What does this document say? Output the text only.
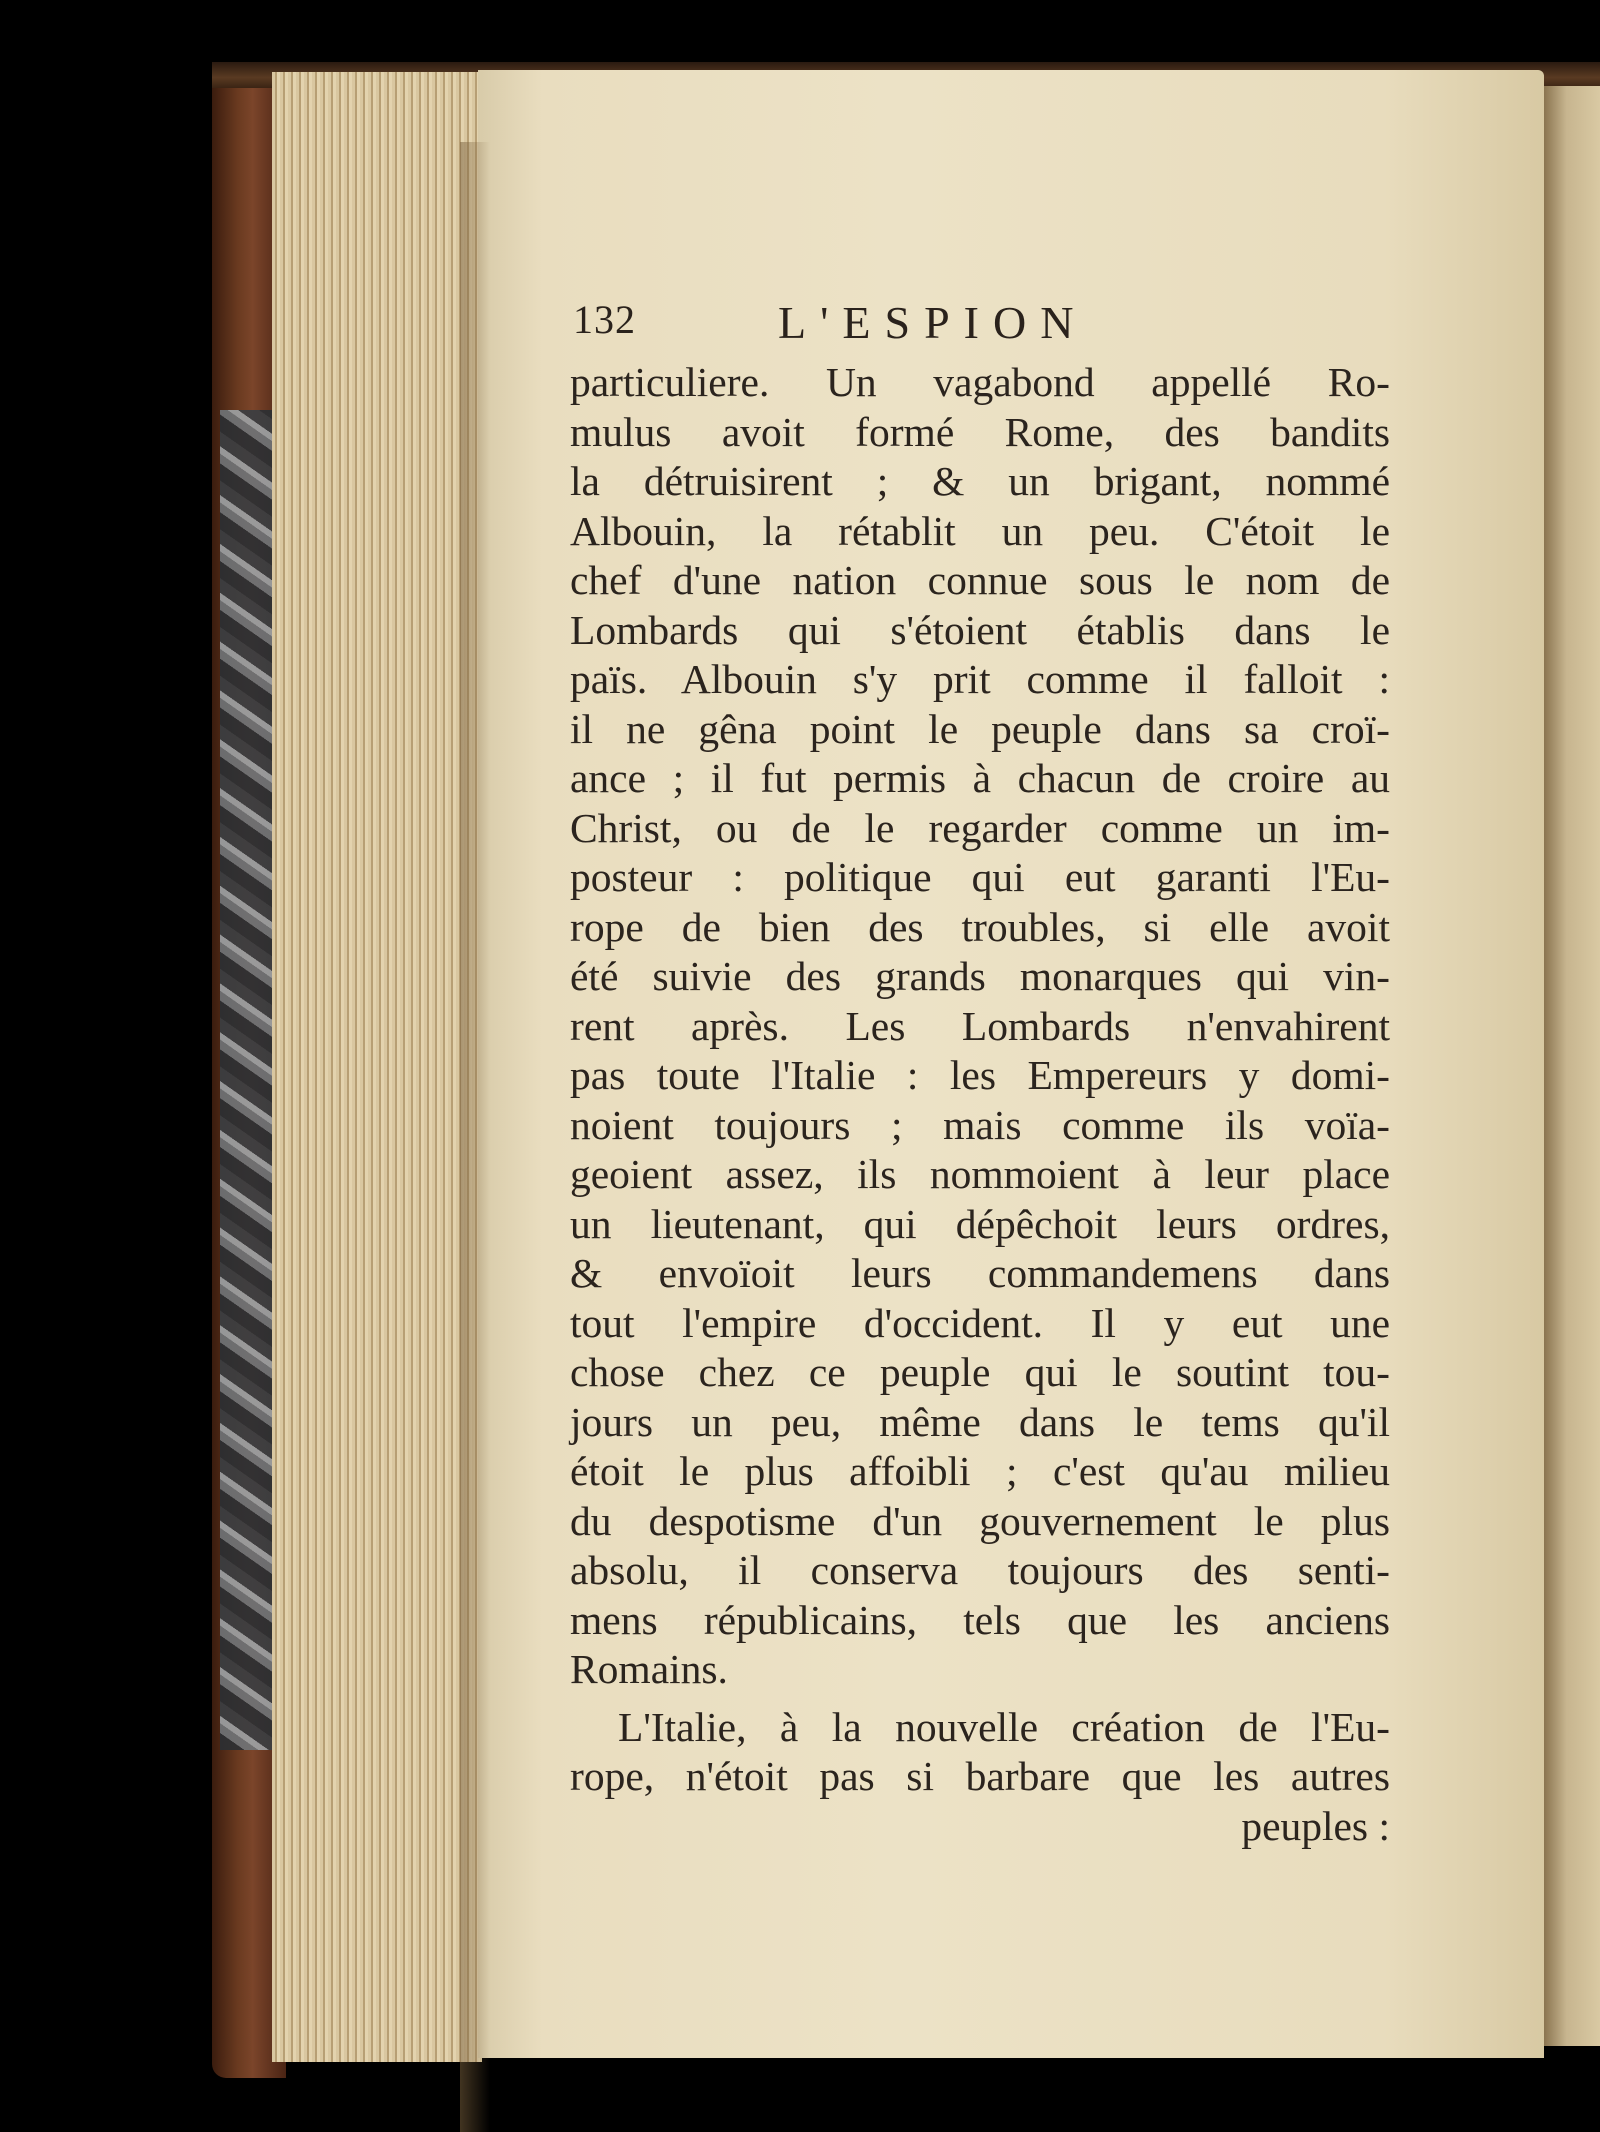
132	L'ESPION
particuliere. Un vagabond appellé Ro-
mulus avoit formé Rome, des bandits
la détruisirent ; & un brigant, nommé
Albouin, la rétablit un peu. C'étoit le
chef d'une nation connue sous le nom de
Lombards qui s'étoient établis dans le
païs. Albouin s'y prit comme il falloit :
il ne gêna point le peuple dans sa croï-
ance ; il fut permis à chacun de croire au
Christ, ou de le regarder comme un im-
posteur : politique qui eut garanti l'Eu-
rope de bien des troubles, si elle avoit
été suivie des grands monarques qui vin-
rent après. Les Lombards n'envahirent
pas toute l'Italie : les Empereurs y domi-
noient toujours ; mais comme ils voïa-
geoient assez, ils nommoient à leur place
un lieutenant, qui dépêchoit leurs ordres,
& envoïoit leurs commandemens dans
tout l'empire d'occident. Il y eut une
chose chez ce peuple qui le soutint tou-
jours un peu, même dans le tems qu'il
étoit le plus affoibli ; c'est qu'au milieu
du despotisme d'un gouvernement le plus
absolu, il conserva toujours des senti-
mens républicains, tels que les anciens
Romains.
L'Italie, à la nouvelle création de l'Eu-
rope, n'étoit pas si barbare que les autres
peuples :
